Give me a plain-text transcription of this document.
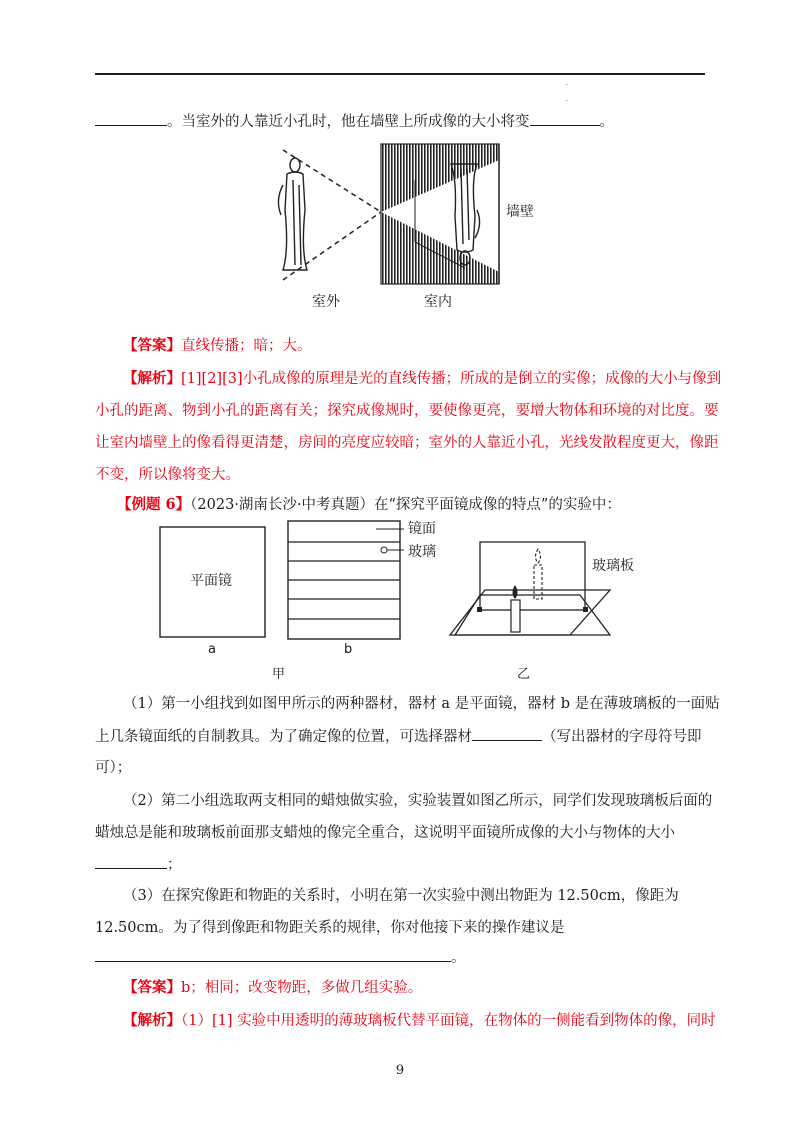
-
-
。当室外的人靠近小孔时，他在墙壁上所成像的大小将变	。
墙壁
室外	室内
【答案】直线传播；暗；大。
【解析】[1][2][3]小孔成像的原理是光的直线传播；所成的是倒立的实像；成像的大小与像到
小孔的距离、物到小孔的距离有关；探究成像规时，要使像更亮，要增大物体和环境的对比度。要
让室内墙壁上的像看得更清楚，房间的亮度应较暗；室外的人靠近小孔，光线发散程度更大，像距
不变，所以像将变大。
【例题 6】（2023·湖南长沙·中考真题）在“探究平面镜成像的特点”的实验中：
平面镜
a	b
镜面
玻璃
玻璃板
甲	乙
（1）第一小组找到如图甲所示的两种器材，器材 a 是平面镜，器材 b 是在薄玻璃板的一面贴
上几条镜面纸的自制教具。为了确定像的位置，可选择器材	（写出器材的字母符号即
可）；
（2）第二小组选取两支相同的蜡烛做实验，实验装置如图乙所示，同学们发现玻璃板后面的
蜡烛总是能和玻璃板前面那支蜡烛的像完全重合，这说明平面镜所成像的大小与物体的大小
；
（3）在探究像距和物距的关系时，小明在第一次实验中测出物距为 12.50cm，像距为
12.50cm。为了得到像距和物距关系的规律，你对他接下来的操作建议是
。
【答案】b；相同；改变物距，多做几组实验。
【解析】（1）[1] 实验中用透明的薄玻璃板代替平面镜，在物体的一侧能看到物体的像，同时
9
